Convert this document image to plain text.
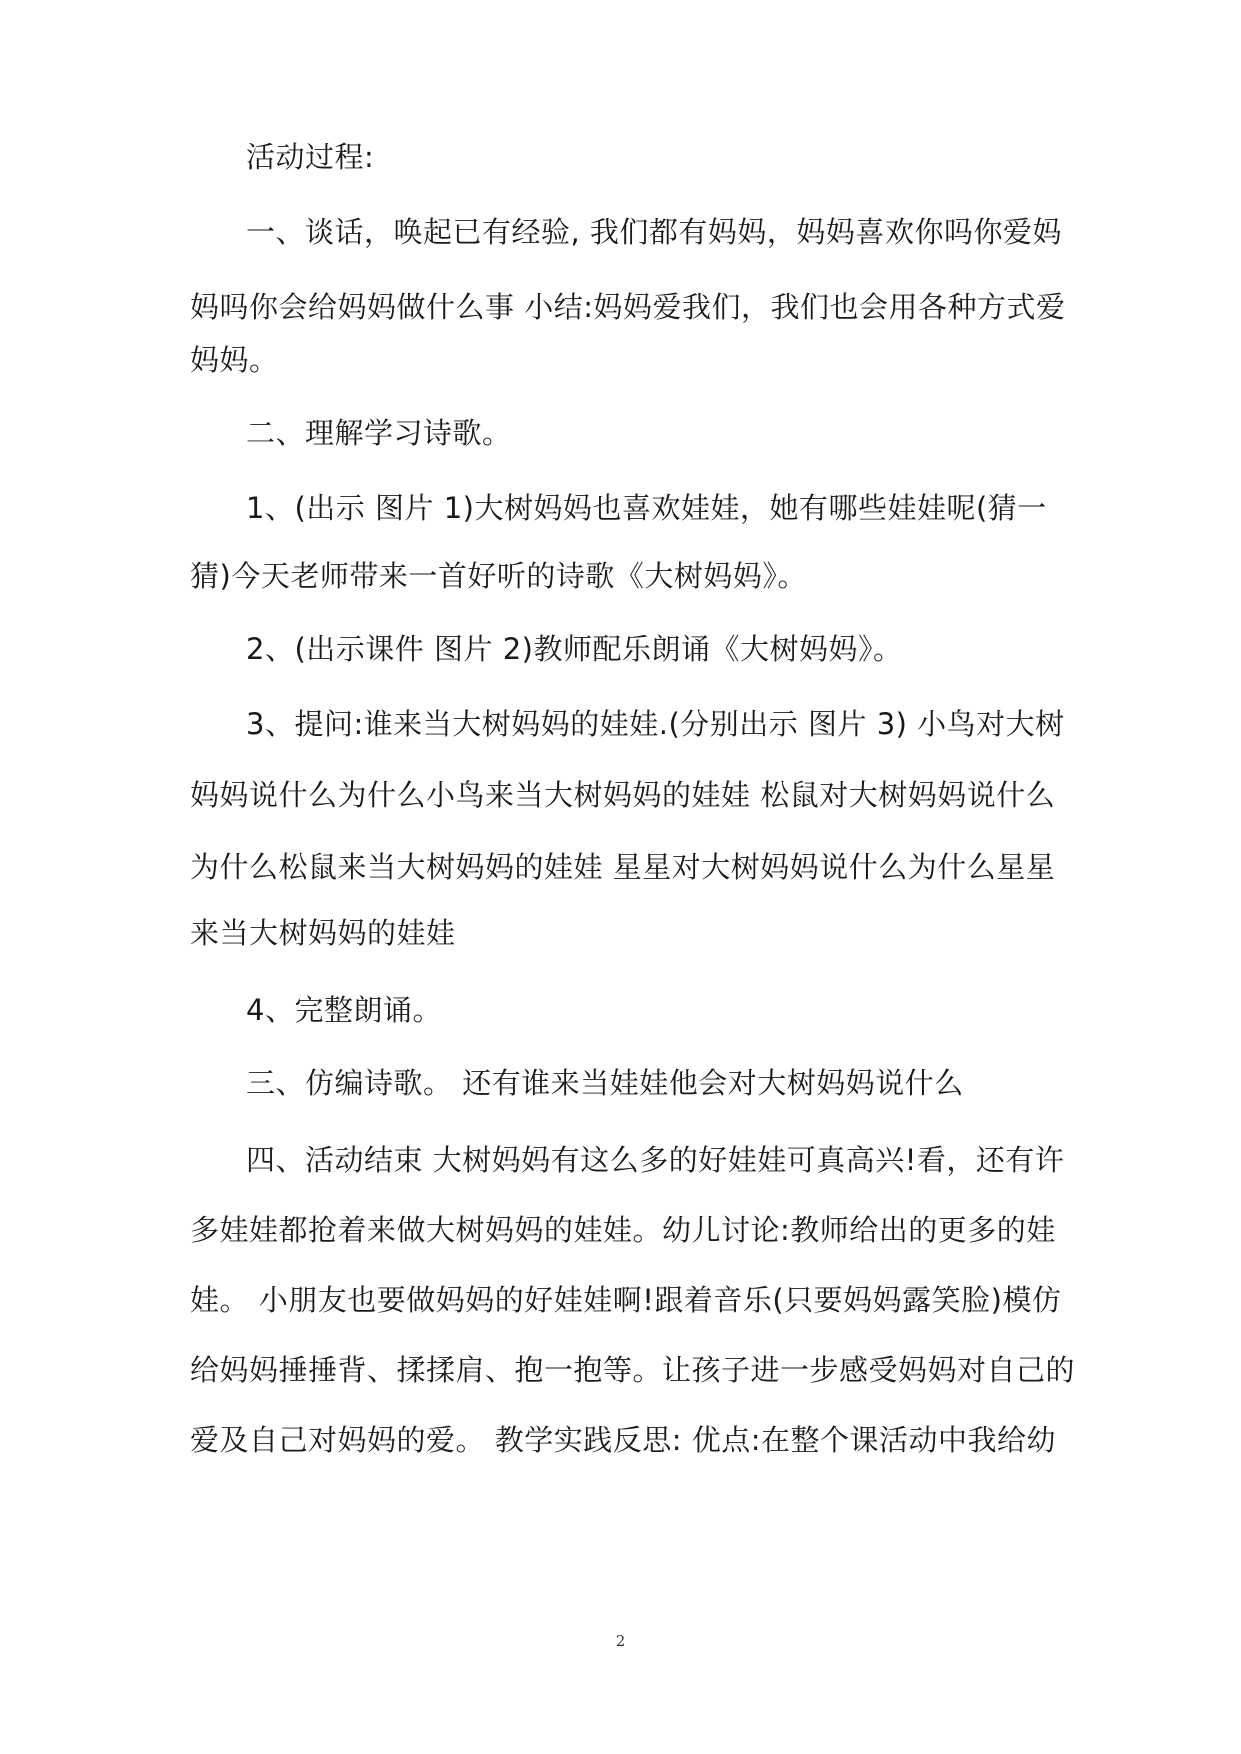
活动过程:
一、谈话，唤起已有经验, 我们都有妈妈，妈妈喜欢你吗你爱妈
妈吗你会给妈妈做什么事 小结:妈妈爱我们，我们也会用各种方式爱
妈妈。
二、理解学习诗歌。
1、(出示 图片 1)大树妈妈也喜欢娃娃，她有哪些娃娃呢(猜一
猜)今天老师带来一首好听的诗歌《大树妈妈》。
2、(出示课件 图片 2)教师配乐朗诵《大树妈妈》。
3、提问:谁来当大树妈妈的娃娃.(分别出示 图片 3) 小鸟对大树
妈妈说什么为什么小鸟来当大树妈妈的娃娃 松鼠对大树妈妈说什么
为什么松鼠来当大树妈妈的娃娃 星星对大树妈妈说什么为什么星星
来当大树妈妈的娃娃
4、完整朗诵。
三、仿编诗歌。 还有谁来当娃娃他会对大树妈妈说什么
四、活动结束 大树妈妈有这么多的好娃娃可真高兴!看，还有许
多娃娃都抢着来做大树妈妈的娃娃。幼儿讨论:教师给出的更多的娃
娃。 小朋友也要做妈妈的好娃娃啊!跟着音乐(只要妈妈露笑脸)模仿
给妈妈捶捶背、揉揉肩、抱一抱等。让孩子进一步感受妈妈对自己的
爱及自己对妈妈的爱。 教学实践反思: 优点:在整个课活动中我给幼
2
